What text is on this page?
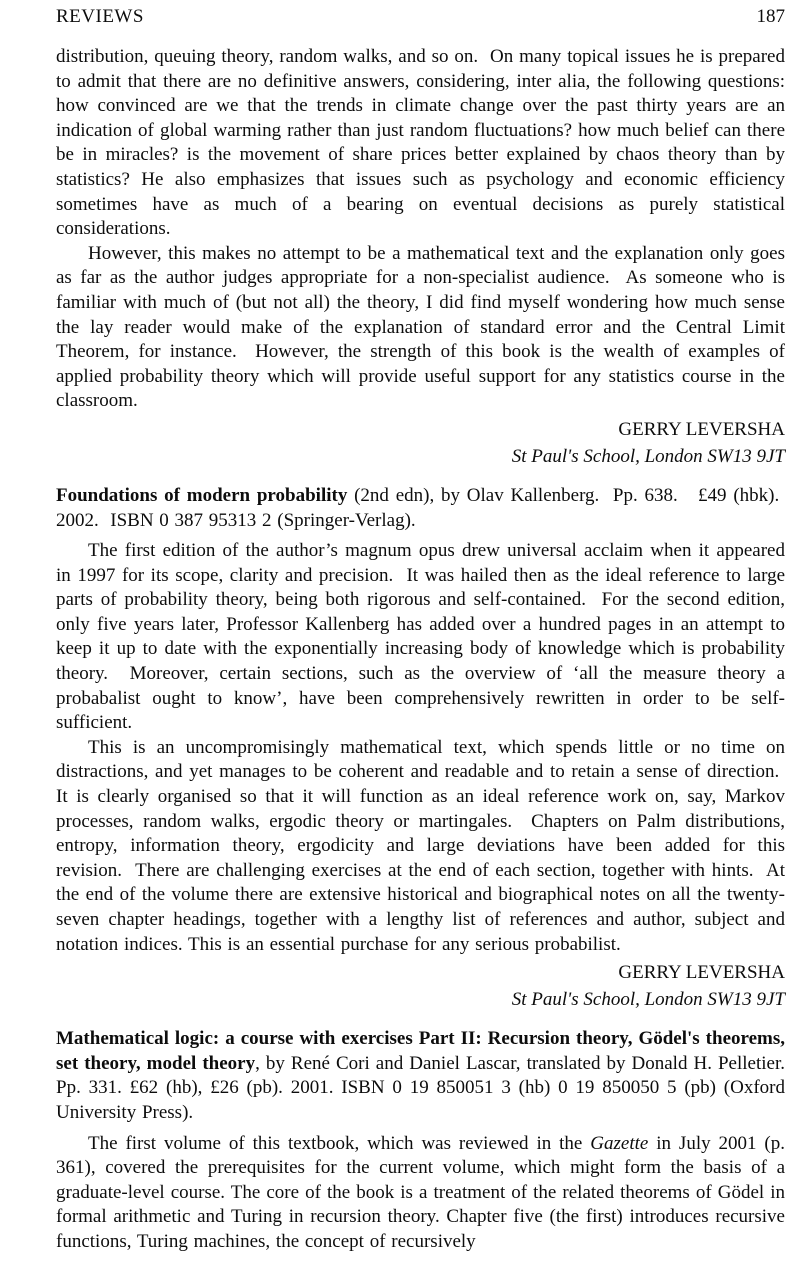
REVIEWS	187

distribution, queuing theory, random walks, and so on.  On many topical issues he is prepared to admit that there are no definitive answers, considering, inter alia, the following questions: how convinced are we that the trends in climate change over the past thirty years are an indication of global warming rather than just random fluctuations? how much belief can there be in miracles? is the movement of share prices better explained by chaos theory than by statistics? He also emphasizes that issues such as psychology and economic efficiency sometimes have as much of a bearing on eventual decisions as purely statistical considerations.

However, this makes no attempt to be a mathematical text and the explanation only goes as far as the author judges appropriate for a non-specialist audience.  As someone who is familiar with much of (but not all) the theory, I did find myself wondering how much sense the lay reader would make of the explanation of standard error and the Central Limit Theorem, for instance.  However, the strength of this book is the wealth of examples of applied probability theory which will provide useful support for any statistics course in the classroom.

GERRY LEVERSHA
St Paul's School, London SW13 9JT

Foundations of modern probability (2nd edn), by Olav Kallenberg.  Pp. 638.   £49 (hbk).  2002.  ISBN 0 387 95313 2 (Springer-Verlag).

The first edition of the author’s magnum opus drew universal acclaim when it appeared in 1997 for its scope, clarity and precision.  It was hailed then as the ideal reference to large parts of probability theory, being both rigorous and self-contained.  For the second edition, only five years later, Professor Kallenberg has added over a hundred pages in an attempt to keep it up to date with the exponentially increasing body of knowledge which is probability theory.  Moreover, certain sections, such as the overview of ‘all the measure theory a probabalist ought to know’, have been comprehensively rewritten in order to be self-sufficient.

This is an uncompromisingly mathematical text, which spends little or no time on distractions, and yet manages to be coherent and readable and to retain a sense of direction.  It is clearly organised so that it will function as an ideal reference work on, say, Markov processes, random walks, ergodic theory or martingales.  Chapters on Palm distributions, entropy, information theory, ergodicity and large deviations have been added for this revision.  There are challenging exercises at the end of each section, together with hints.  At the end of the volume there are extensive historical and biographical notes on all the twenty-seven chapter headings, together with a lengthy list of references and author, subject and notation indices. This is an essential purchase for any serious probabilist.

GERRY LEVERSHA
St Paul's School, London SW13 9JT

Mathematical logic: a course with exercises Part II: Recursion theory, Gödel's theorems, set theory, model theory, by René Cori and Daniel Lascar, translated by Donald H. Pelletier. Pp. 331. £62 (hb), £26 (pb). 2001. ISBN 0 19 850051 3 (hb) 0 19 850050 5 (pb) (Oxford University Press).

The first volume of this textbook, which was reviewed in the Gazette in July 2001 (p. 361), covered the prerequisites for the current volume, which might form the basis of a graduate-level course. The core of the book is a treatment of the related theorems of Gödel in formal arithmetic and Turing in recursion theory. Chapter five (the first) introduces recursive functions, Turing machines, the concept of recursively
